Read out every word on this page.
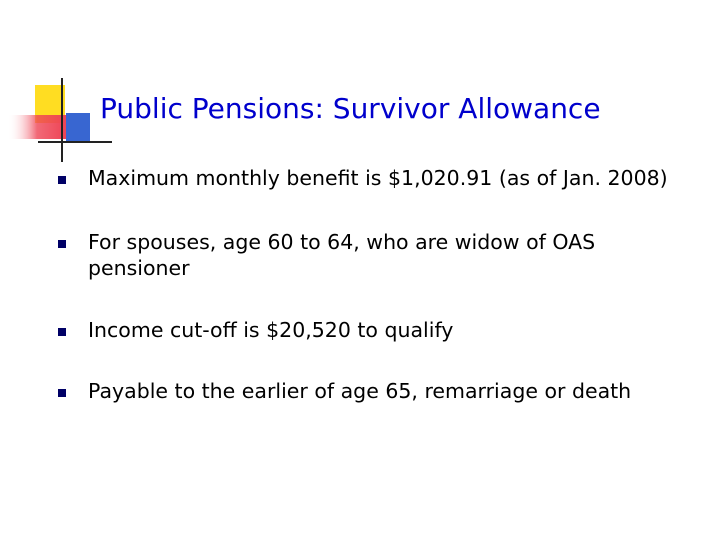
Public Pensions: Survivor Allowance
Maximum monthly benefit is $1,020.91 (as of Jan. 2008)
For spouses, age 60 to 64, who are widow of OAS pensioner
Income cut-off is $20,520 to qualify
Payable to the earlier of age 65, remarriage or death
